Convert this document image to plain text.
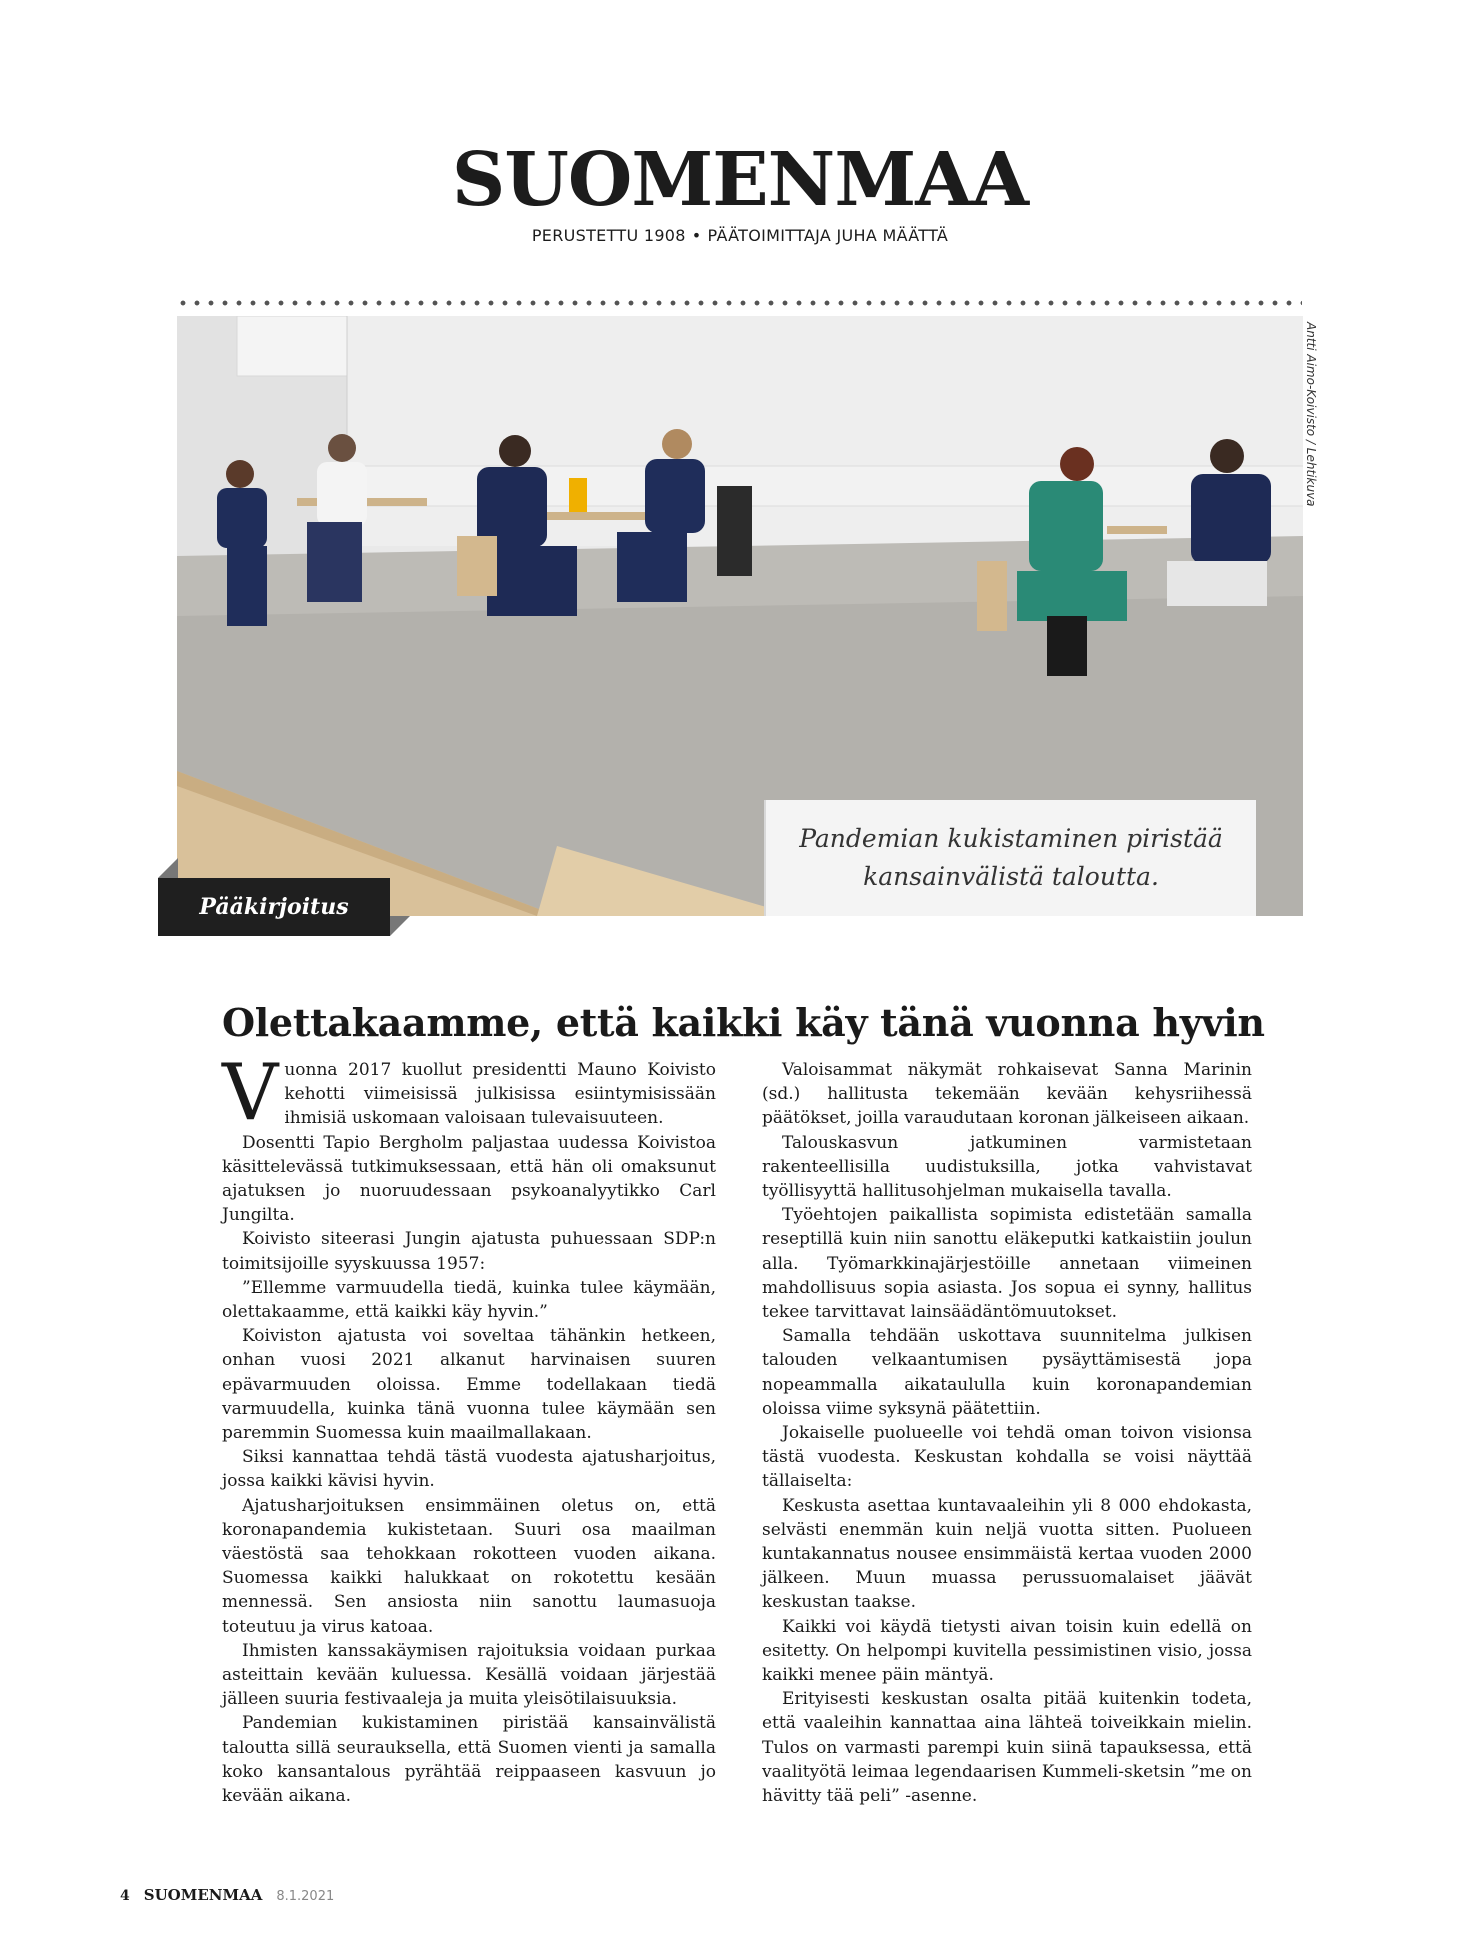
SUOMENMAA
PERUSTETTU 1908 • PÄÄTOIMITTAJA JUHA MÄÄTTÄ
Antti Aimo-Koivisto / Lehtikuva
Pandemian kukistaminen piristää kansainvälistä taloutta.
Pääkirjoitus
Olettakaamme, että kaikki käy tänä vuonna hyvin

Vuonna 2017 kuollut presidentti Mauno Koivisto kehotti viimeisissä julkisissa esiintymisissään ihmisiä uskomaan valoisaan tulevaisuuteen.

Dosentti Tapio Bergholm paljastaa uudessa Koivistoa käsittelevässä tutkimuksessaan, että hän oli omaksunut ajatuksen jo nuoruudessaan psykoanalyytikko Carl Jungilta.

Koivisto siteerasi Jungin ajatusta puhuessaan SDP:n toimitsijoille syyskuussa 1957:

”Ellemme varmuudella tiedä, kuinka tulee käymään, olettakaamme, että kaikki käy hyvin.”

Koiviston ajatusta voi soveltaa tähänkin hetkeen, onhan vuosi 2021 alkanut harvinaisen suuren epävarmuuden oloissa. Emme todellakaan tiedä varmuudella, kuinka tänä vuonna tulee käymään sen paremmin Suomessa kuin maailmallakaan.

Siksi kannattaa tehdä tästä vuodesta ajatusharjoitus, jossa kaikki kävisi hyvin.

Ajatusharjoituksen ensimmäinen oletus on, että koronapandemia kukistetaan. Suuri osa maailman väestöstä saa tehokkaan rokotteen vuoden aikana. Suomessa kaikki halukkaat on rokotettu kesään mennessä. Sen ansiosta niin sanottu laumasuoja toteutuu ja virus katoaa.

Ihmisten kanssakäymisen rajoituksia voidaan purkaa asteittain kevään kuluessa. Kesällä voidaan järjestää jälleen suuria festivaaleja ja muita yleisötilaisuuksia.

Pandemian kukistaminen piristää kansainvälistä taloutta sillä seurauksella, että Suomen vienti ja samalla koko kansantalous pyrähtää reippaaseen kasvuun jo kevään aikana.

Valoisammat näkymät rohkaisevat Sanna Marinin (sd.) hallitusta tekemään kevään kehysriihessä päätökset, joilla varaudutaan koronan jälkeiseen aikaan.

Talouskasvun jatkuminen varmistetaan rakenteellisilla uudistuksilla, jotka vahvistavat työllisyyttä hallitusohjelman mukaisella tavalla.

Työehtojen paikallista sopimista edistetään samalla reseptillä kuin niin sanottu eläkeputki katkaistiin joulun alla. Työmarkkinajärjestöille annetaan viimeinen mahdollisuus sopia asiasta. Jos sopua ei synny, hallitus tekee tarvittavat lainsäädäntömuutokset.

Samalla tehdään uskottava suunnitelma julkisen talouden velkaantumisen pysäyttämisestä jopa nopeammalla aikataululla kuin koronapandemian oloissa viime syksynä päätettiin.

Jokaiselle puolueelle voi tehdä oman toivon visionsa tästä vuodesta. Keskustan kohdalla se voisi näyttää tällaiselta:

Keskusta asettaa kuntavaaleihin yli 8 000 ehdokasta, selvästi enemmän kuin neljä vuotta sitten. Puolueen kuntakannatus nousee ensimmäistä kertaa vuoden 2000 jälkeen. Muun muassa perussuomalaiset jäävät keskustan taakse.

Kaikki voi käydä tietysti aivan toisin kuin edellä on esitetty. On helpompi kuvitella pessimistinen visio, jossa kaikki menee päin mäntyä.

Erityisesti keskustan osalta pitää kuitenkin todeta, että vaaleihin kannattaa aina lähteä toiveikkain mielin. Tulos on varmasti parempi kuin siinä tapauksessa, että vaalityötä leimaa legendaarisen Kummeli-sketsin ”me on hävitty tää peli” -asenne.

4 SUOMENMAA 8.1.2021
